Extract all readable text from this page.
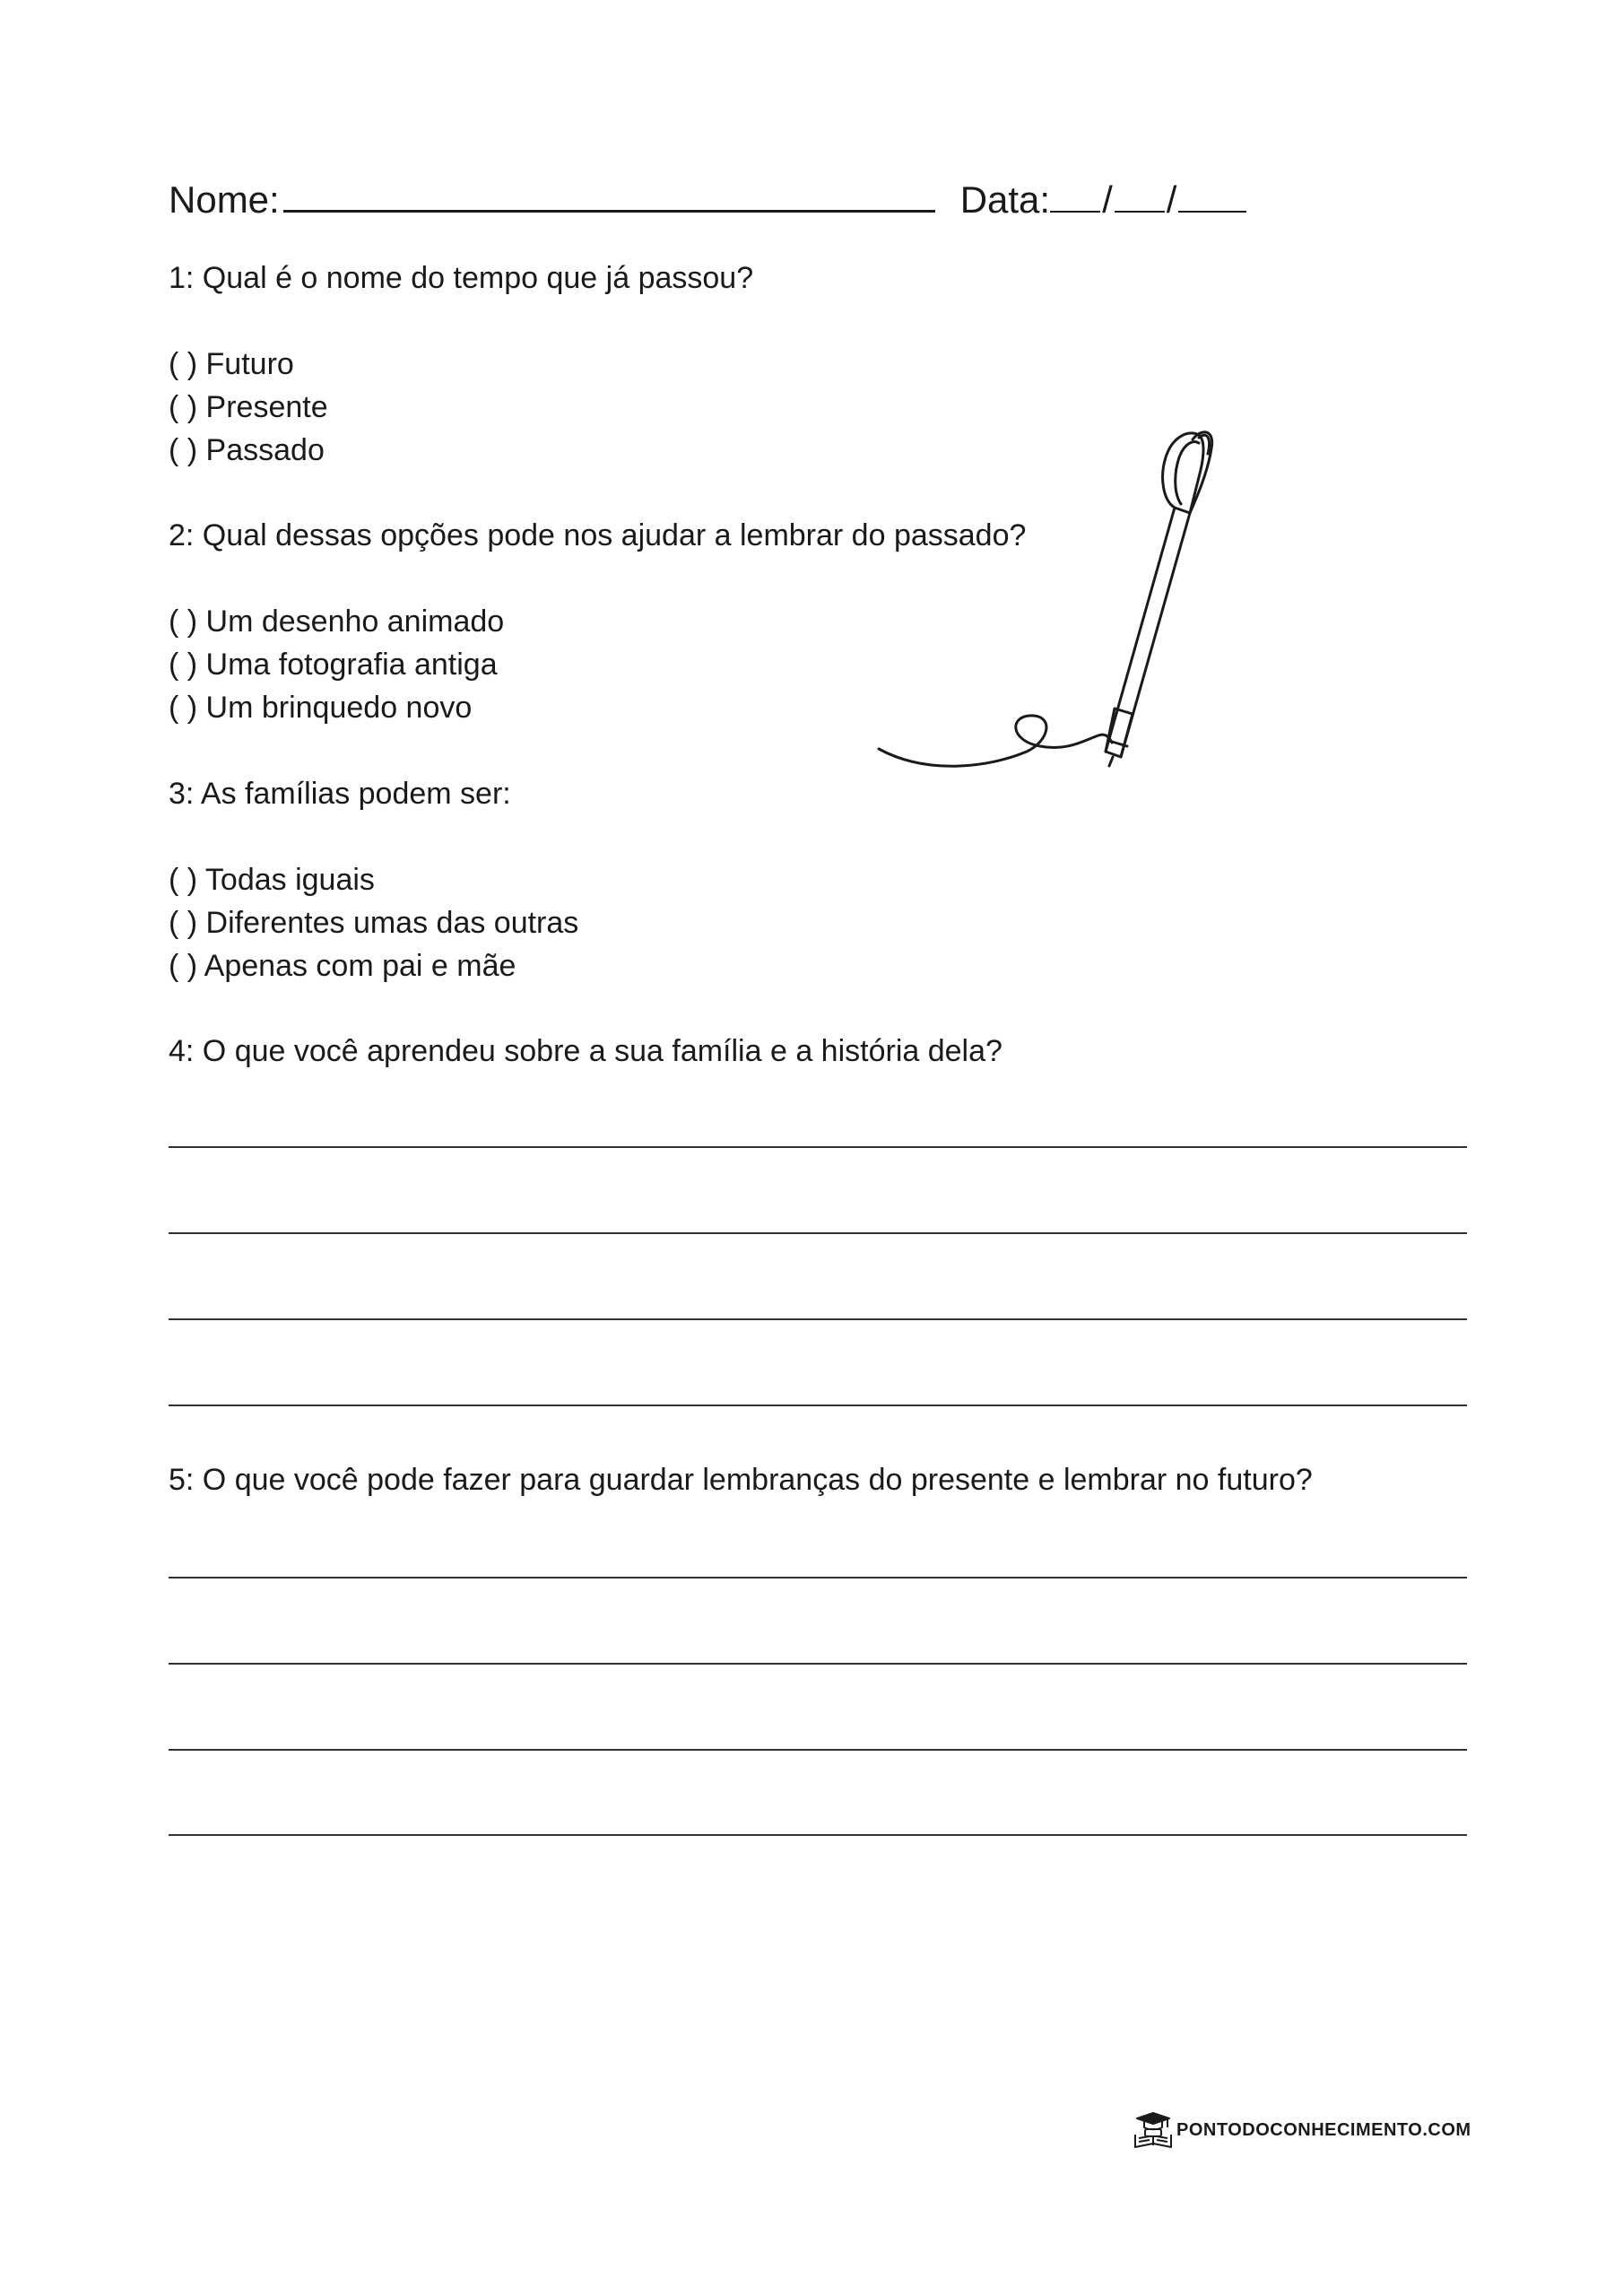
Nome:	Data: / /
1: Qual é o nome do tempo que já passou?
( ) Futuro
( ) Presente
( ) Passado
2: Qual dessas opções pode nos ajudar a lembrar do passado?
( ) Um desenho animado
( ) Uma fotografia antiga
( ) Um brinquedo novo
3: As famílias podem ser:
( ) Todas iguais
( ) Diferentes umas das outras
( ) Apenas com pai e mãe
4: O que você aprendeu sobre a sua família e a história dela?
5: O que você pode fazer para guardar lembranças do presente e lembrar no futuro?
PONTODOCONHECIMENTO.COM
